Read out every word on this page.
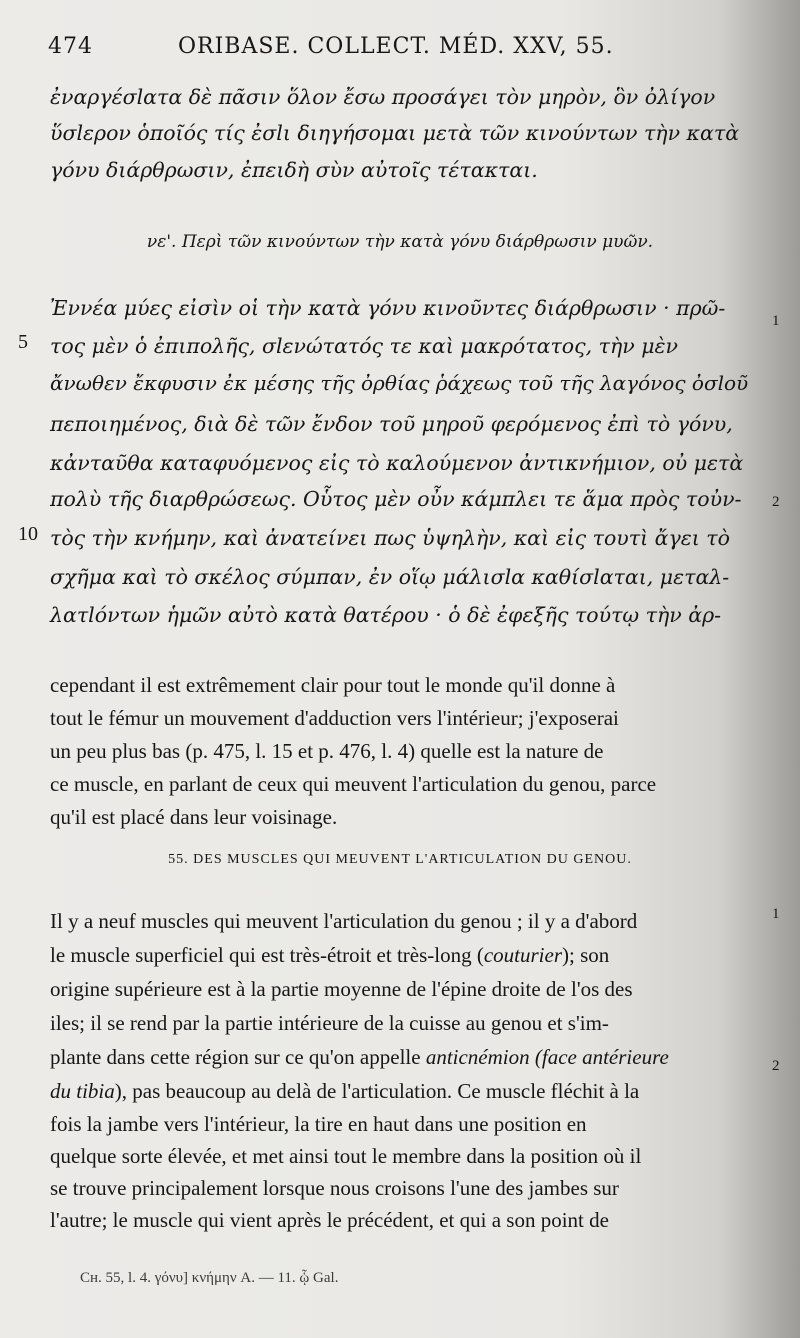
474	ORIBASE. COLLECT. MÉD. XXV, 55.
ἐναργέσlατα δὲ πᾶσιν ὅλον ἔσω προσάγει τὸν μηρὸν, ὃν ὀλίγον
ὕσlερον ὁποῖός τίς ἐσlι διηγήσομαι μετὰ τῶν κινούντων τὴν κατὰ
γόνυ διάρθρωσιν, ἐπειδὴ σὺν αὐτοῖς τέτακται.
νε'. Περὶ τῶν κινούντων τὴν κατὰ γόνυ διάρθρωσιν μυῶν.
Ἐννέα μύες εἰσὶν οἱ τὴν κατὰ γόνυ κινοῦντες διάρθρωσιν · πρῶ-
τος μὲν ὁ ἐπιπολῆς, σlενώτατός τε καὶ μακρότατος, τὴν μὲν
ἄνωθεν ἔκφυσιν ἐκ μέσης τῆς ὀρθίας ῥάχεως τοῦ τῆς λαγόνος ὀσlοῦ
πεποιημένος, διὰ δὲ τῶν ἔνδον τοῦ μηροῦ φερόμενος ἐπὶ τὸ γόνυ,
κἀνταῦθα καταφυόμενος εἰς τὸ καλούμενον ἀντικνήμιον, οὐ μετὰ
πολὺ τῆς διαρθρώσεως. Οὗτος μὲν οὖν κάμπλει τε ἅμα πρὸς τοὐν-
τὸς τὴν κνήμην, καὶ ἀνατείνει πως ὑψηλὴν, καὶ εἰς τουτὶ ἄγει τὸ
σχῆμα καὶ τὸ σκέλος σύμπαν, ἐν οἵῳ μάλισlα καθίσlαται, μεταλ-
λατlόντων ἡμῶν αὐτὸ κατὰ θατέρου · ὁ δὲ ἐφεξῆς τούτῳ τὴν ἀρ-
5
10
1
2
cependant il est extrêmement clair pour tout le monde qu'il donne à
tout le fémur un mouvement d'adduction vers l'intérieur; j'exposerai
un peu plus bas (p. 475, l. 15 et p. 476, l. 4) quelle est la nature de
ce muscle, en parlant de ceux qui meuvent l'articulation du genou, parce
qu'il est placé dans leur voisinage.
55. DES MUSCLES QUI MEUVENT L'ARTICULATION DU GENOU.
Il y a neuf muscles qui meuvent l'articulation du genou ; il y a d'abord
le muscle superficiel qui est très-étroit et très-long (couturier); son
origine supérieure est à la partie moyenne de l'épine droite de l'os des
iles; il se rend par la partie intérieure de la cuisse au genou et s'im-
plante dans cette région sur ce qu'on appelle anticnémion (face antérieure
du tibia), pas beaucoup au delà de l'articulation. Ce muscle fléchit à la
fois la jambe vers l'intérieur, la tire en haut dans une position en
quelque sorte élevée, et met ainsi tout le membre dans la position où il
se trouve principalement lorsque nous croisons l'une des jambes sur
l'autre; le muscle qui vient après le précédent, et qui a son point de
1
2
Cн. 55, l. 4. γόνυ] κνήμην A. — 11. ᾧ Gal.
